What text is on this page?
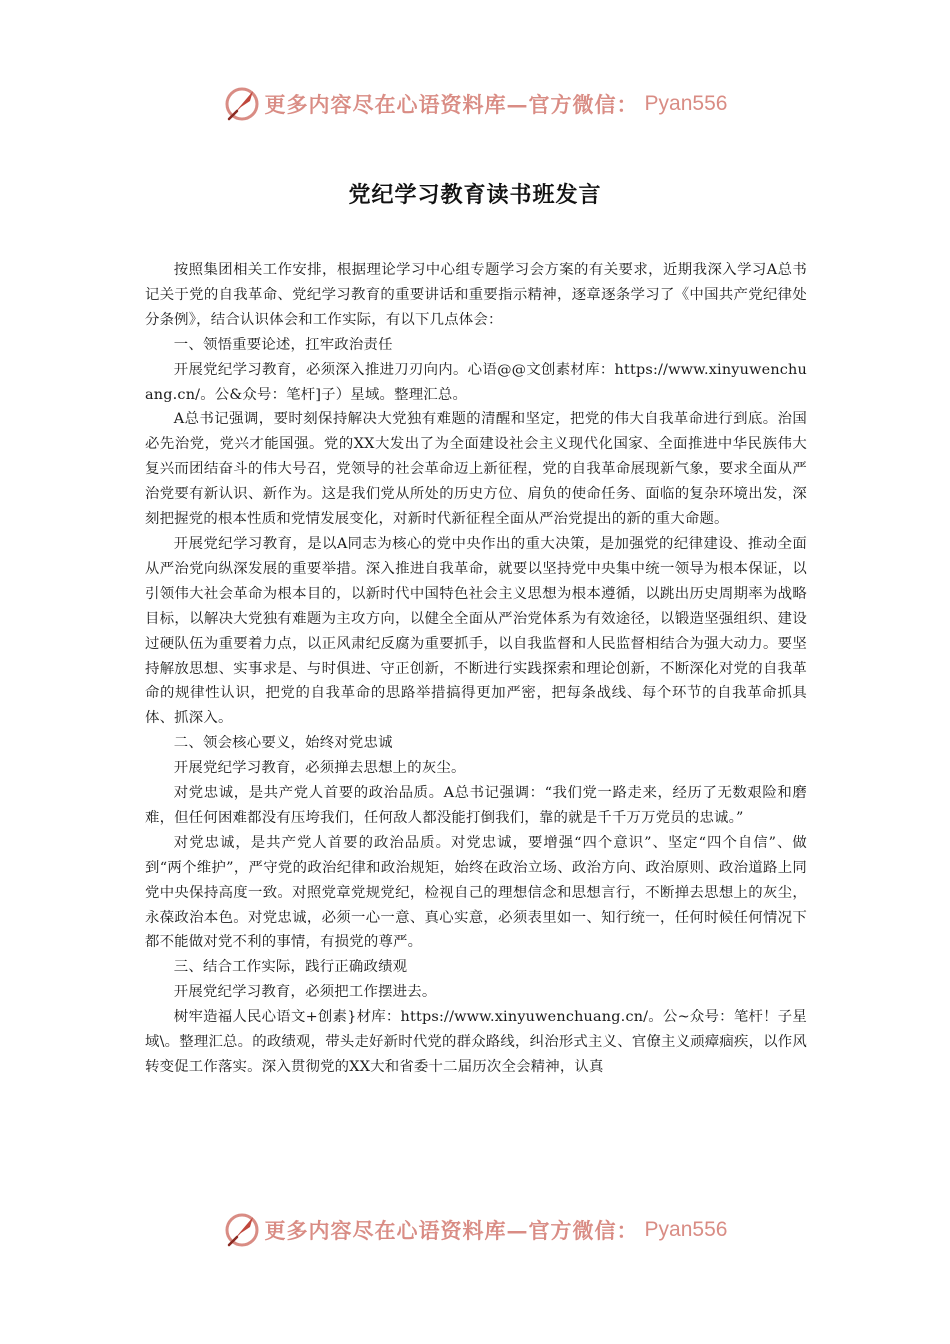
更多内容尽在心语资料库—官方微信： Pyan556
党纪学习教育读书班发言

按照集团相关工作安排，根据理论学习中心组专题学习会方案的有关要求，近期我深入学习A总书记关于党的自我革命、党纪学习教育的重要讲话和重要指示精神，逐章逐条学习了《中国共产党纪律处分条例》，结合认识体会和工作实际，有以下几点体会：

一、领悟重要论述，扛牢政治责任

开展党纪学习教育，必须深入推进刀刃向内。心语@@文创素材库：https://www.xinyuwenchuang.cn/。公&众号：笔杆]子）星域。整理汇总。

A总书记强调，要时刻保持解决大党独有难题的清醒和坚定，把党的伟大自我革命进行到底。治国必先治党，党兴才能国强。党的XX大发出了为全面建设社会主义现代化国家、全面推进中华民族伟大复兴而团结奋斗的伟大号召，党领导的社会革命迈上新征程，党的自我革命展现新气象，要求全面从严治党要有新认识、新作为。这是我们党从所处的历史方位、肩负的使命任务、面临的复杂环境出发，深刻把握党的根本性质和党情发展变化，对新时代新征程全面从严治党提出的新的重大命题。

开展党纪学习教育，是以A同志为核心的党中央作出的重大决策，是加强党的纪律建设、推动全面从严治党向纵深发展的重要举措。深入推进自我革命，就要以坚持党中央集中统一领导为根本保证，以引领伟大社会革命为根本目的，以新时代中国特色社会主义思想为根本遵循，以跳出历史周期率为战略目标，以解决大党独有难题为主攻方向，以健全全面从严治党体系为有效途径，以锻造坚强组织、建设过硬队伍为重要着力点，以正风肃纪反腐为重要抓手，以自我监督和人民监督相结合为强大动力。要坚持解放思想、实事求是、与时俱进、守正创新，不断进行实践探索和理论创新，不断深化对党的自我革命的规律性认识，把党的自我革命的思路举措搞得更加严密，把每条战线、每个环节的自我革命抓具体、抓深入。

二、领会核心要义，始终对党忠诚

开展党纪学习教育，必须掸去思想上的灰尘。

对党忠诚，是共产党人首要的政治品质。A总书记强调：“我们党一路走来，经历了无数艰险和磨难，但任何困难都没有压垮我们，任何敌人都没能打倒我们，靠的就是千千万万党员的忠诚。”

对党忠诚，是共产党人首要的政治品质。对党忠诚，要增强“四个意识”、坚定“四个自信”、做到“两个维护”，严守党的政治纪律和政治规矩，始终在政治立场、政治方向、政治原则、政治道路上同党中央保持高度一致。对照党章党规党纪，检视自己的理想信念和思想言行，不断掸去思想上的灰尘，永葆政治本色。对党忠诚，必须一心一意、真心实意，必须表里如一、知行统一，任何时候任何情况下都不能做对党不利的事情，有损党的尊严。

三、结合工作实际，践行正确政绩观

开展党纪学习教育，必须把工作摆进去。

树牢造福人民心语文+创素}材库：https://www.xinyuwenchuang.cn/。公~众号：笔杆！子星域\。整理汇总。的政绩观，带头走好新时代党的群众路线，纠治形式主义、官僚主义顽瘴痼疾，以作风转变促工作落实。深入贯彻党的XX大和省委十二届历次全会精神，认真

更多内容尽在心语资料库—官方微信： Pyan556
